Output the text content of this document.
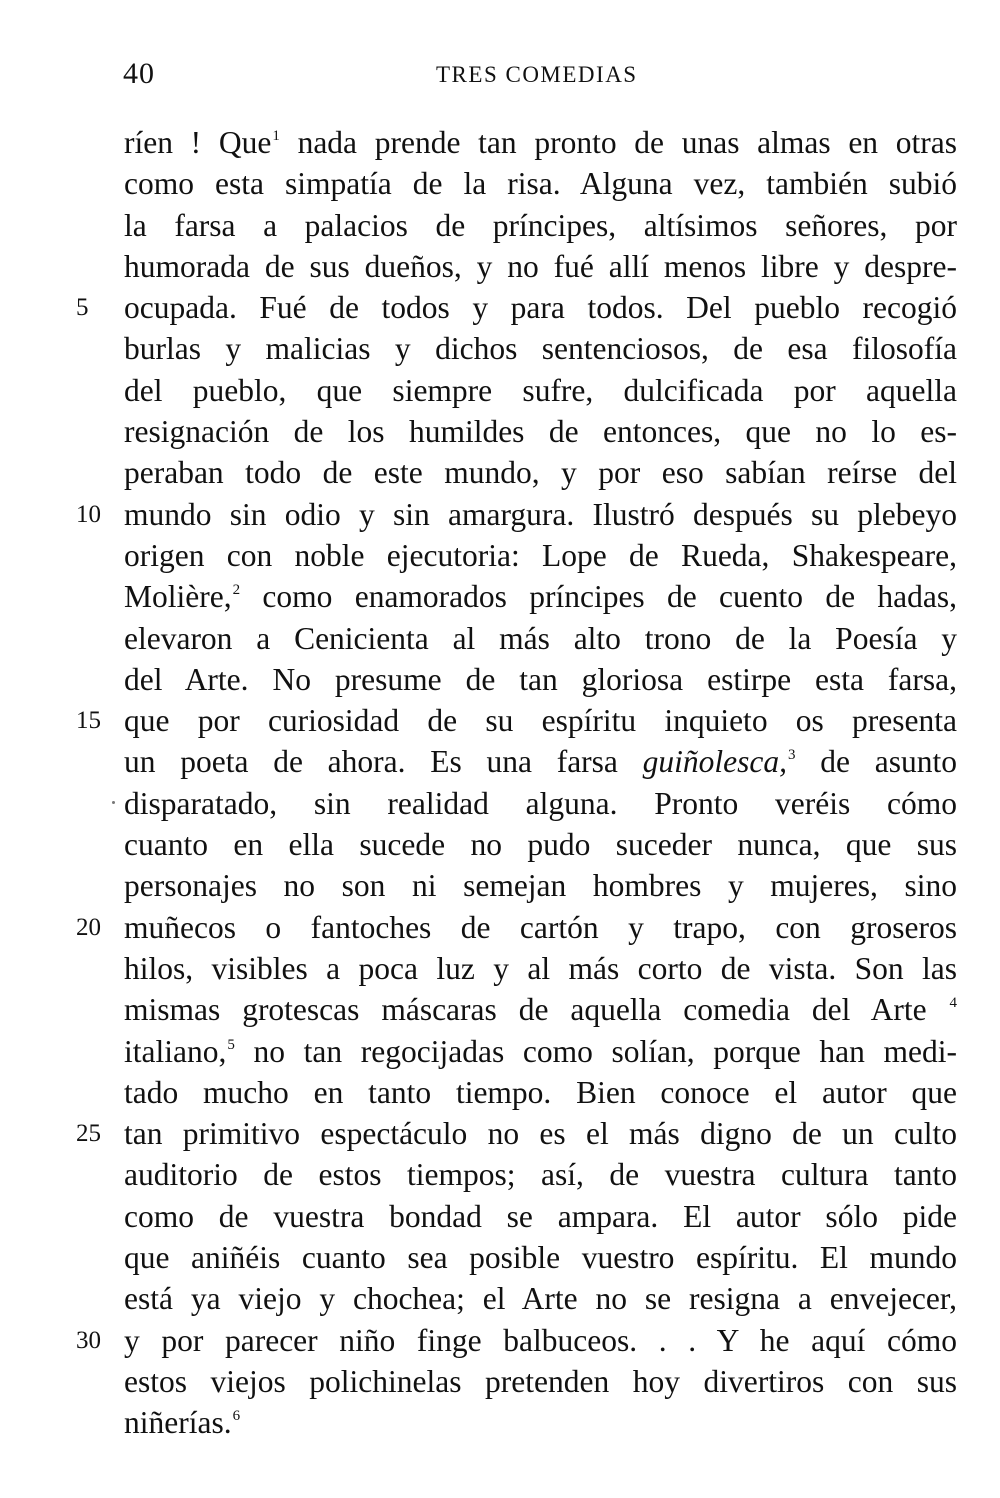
40	TRES COMEDIAS
ríen ! Que$^1$ nada prende tan pronto de unas almas en otras
como esta simpatía de la risa. Alguna vez, también subió
la farsa a palacios de príncipes, altísimos señores, por
humorada de sus dueños, y no fué allí menos libre y despre-
5	ocupada. Fué de todos y para todos. Del pueblo recogió
burlas y malicias y dichos sentenciosos, de esa filosofía
del pueblo, que siempre sufre, dulcificada por aquella
resignación de los humildes de entonces, que no lo es-
peraban todo de este mundo, y por eso sabían reírse del
10 mundo sin odio y sin amargura. Ilustró después su plebeyo
origen con noble ejecutoria: Lope de Rueda, Shakespeare,
Molière,$^2$ como enamorados príncipes de cuento de hadas,
elevaron a Cenicienta al más alto trono de la Poesía y
del Arte. No presume de tan gloriosa estirpe esta farsa,
15 que por curiosidad de su espíritu inquieto os presenta
un poeta de ahora. Es una farsa guiñolesca,$^3$ de asunto
disparatado, sin realidad alguna. Pronto veréis cómo
cuanto en ella sucede no pudo suceder nunca, que sus
personajes no son ni semejan hombres y mujeres, sino
20 muñecos o fantoches de cartón y trapo, con groseros
hilos, visibles a poca luz y al más corto de vista. Son las
mismas grotescas máscaras de aquella comedia del Arte $^4$
italiano,$^5$ no tan regocijadas como solían, porque han medi-
tado mucho en tanto tiempo. Bien conoce el autor que
25 tan primitivo espectáculo no es el más digno de un culto
auditorio de estos tiempos; así, de vuestra cultura tanto
como de vuestra bondad se ampara. El autor sólo pide
que aniñéis cuanto sea posible vuestro espíritu. El mundo
está ya viejo y chochea; el Arte no se resigna a envejecer,
30 y por parecer niño finge balbuceos. . . Y he aquí cómo
estos viejos polichinelas pretenden hoy divertiros con sus
niñerías.$^6$
